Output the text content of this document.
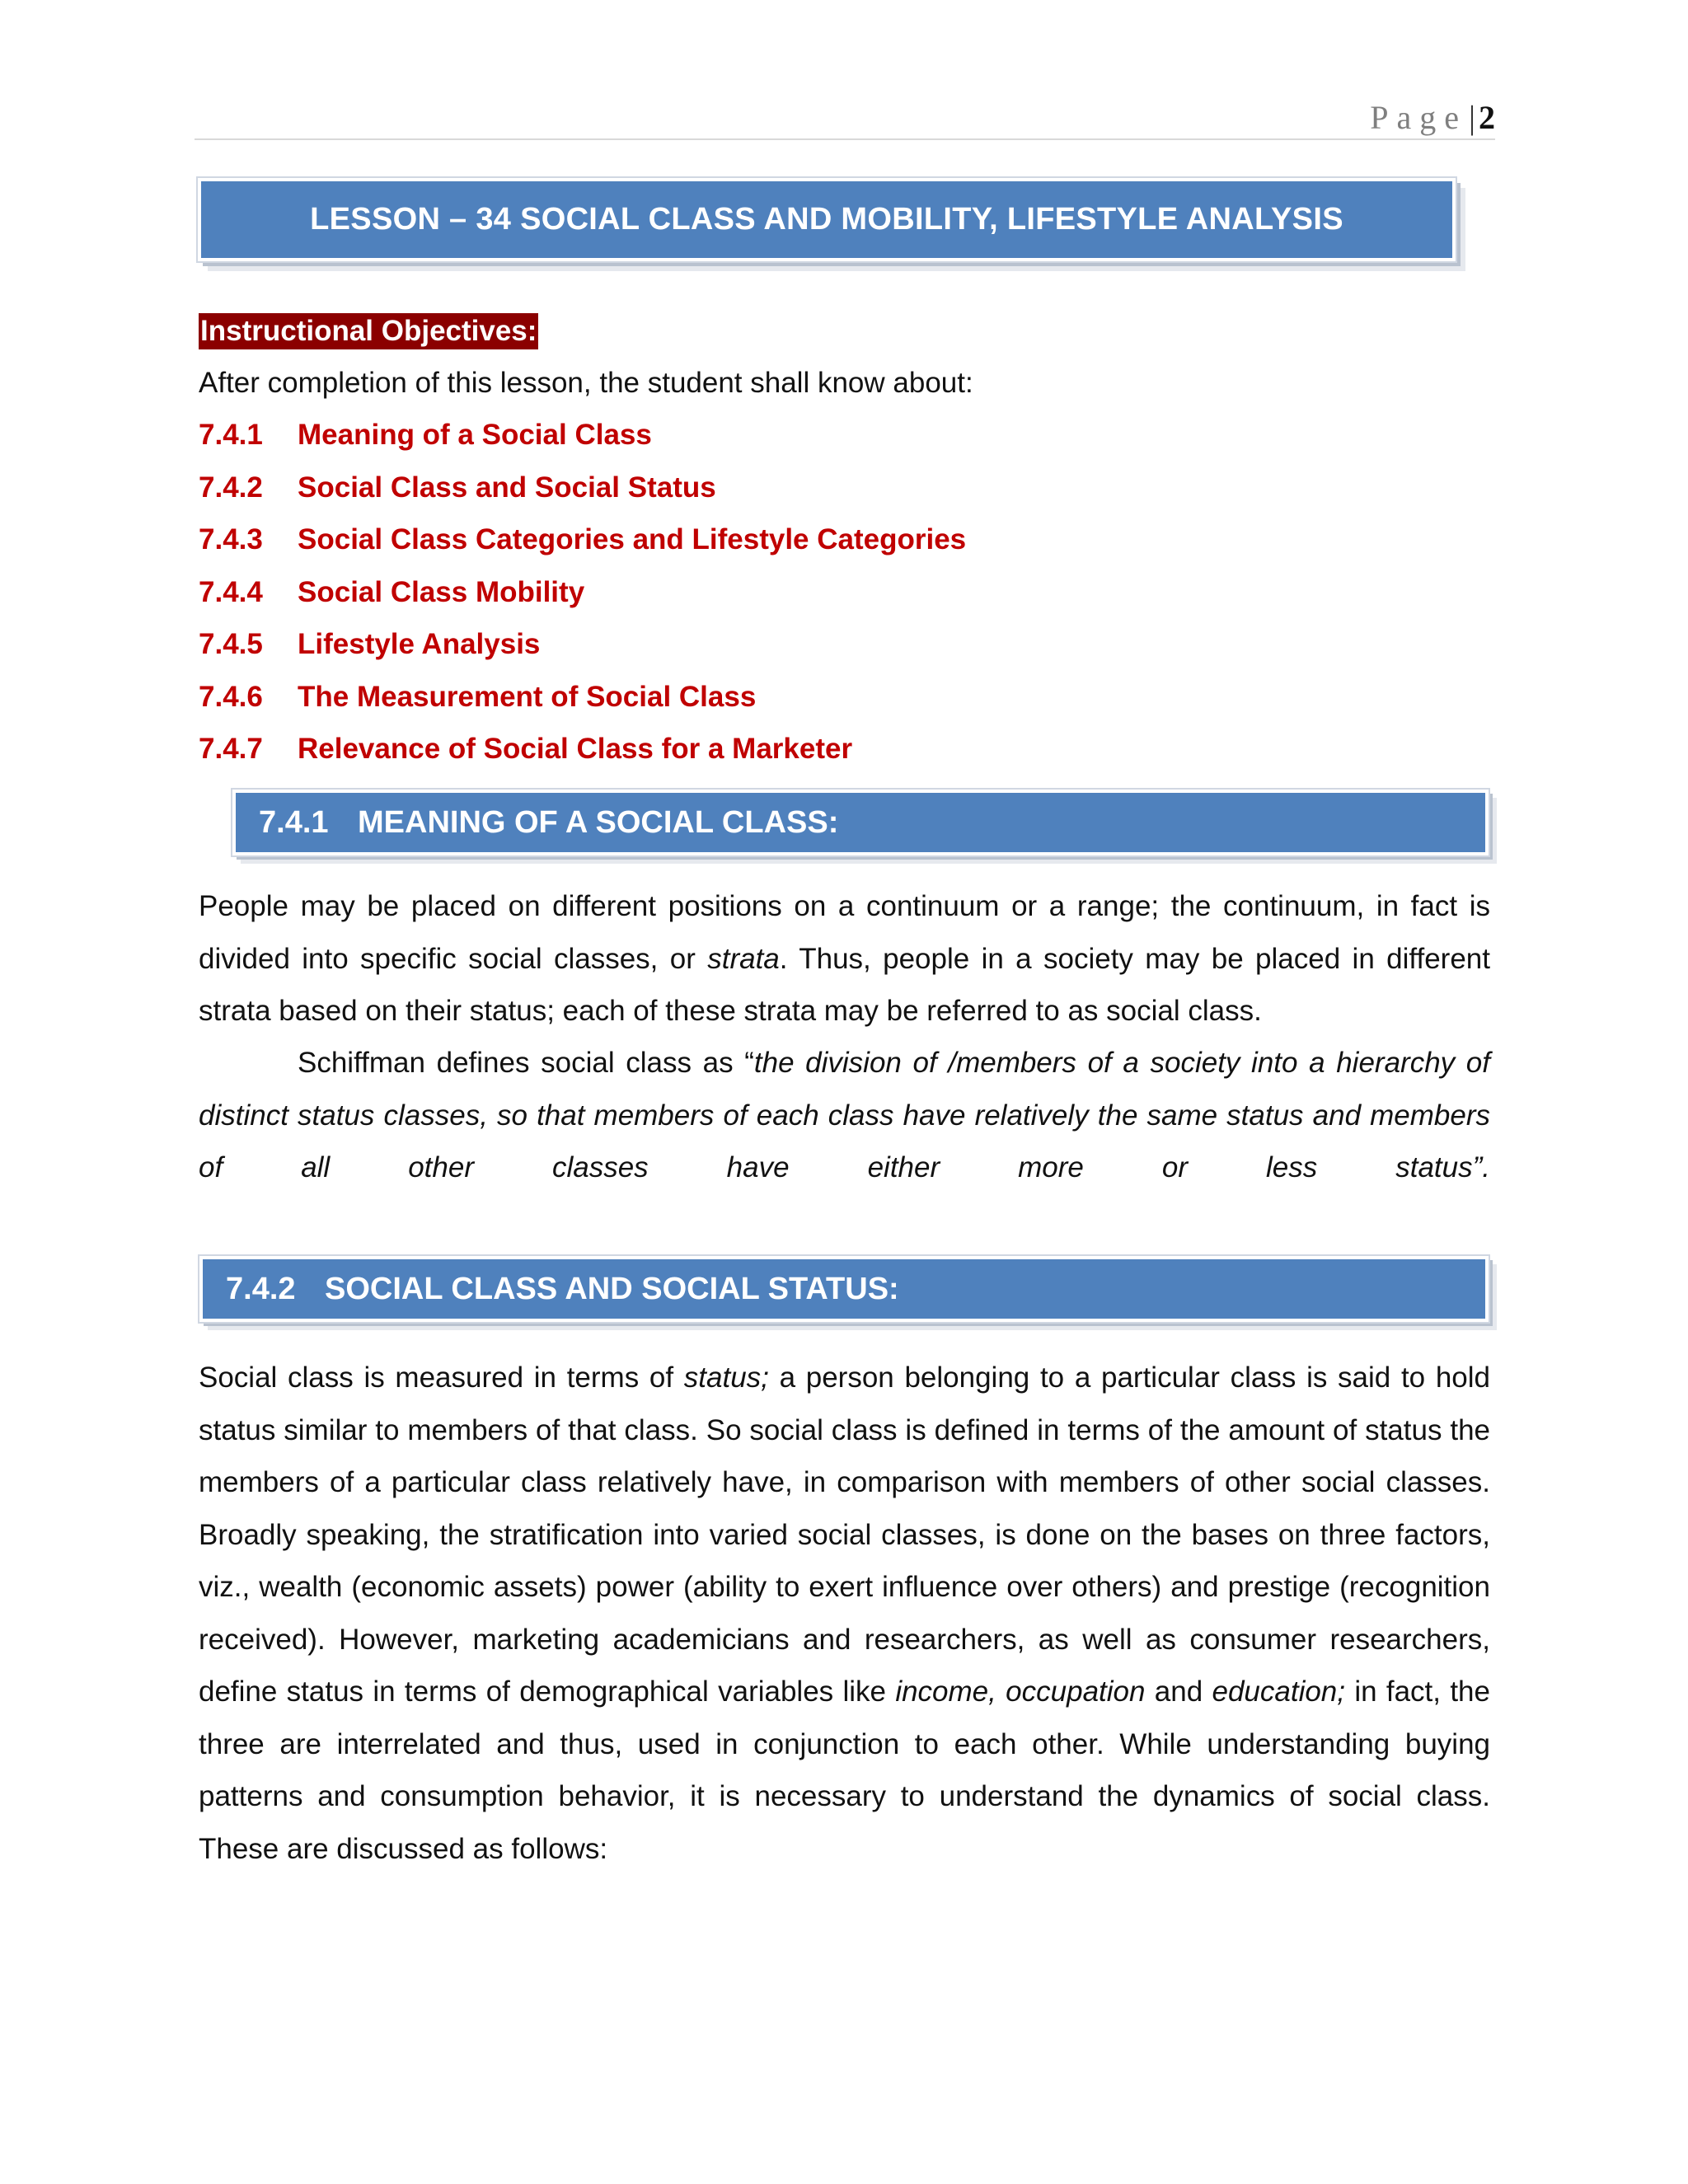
Page| 2
LESSON – 34 SOCIAL CLASS AND MOBILITY, LIFESTYLE ANALYSIS
Instructional Objectives:
After completion of this lesson, the student shall know about:
7.4.1	Meaning of a Social Class
7.4.2	Social Class and Social Status
7.4.3	Social Class Categories and Lifestyle Categories
7.4.4	Social Class Mobility
7.4.5	Lifestyle Analysis
7.4.6	The Measurement of Social Class
7.4.7	Relevance of Social Class for a Marketer
7.4.1 MEANING OF A SOCIAL CLASS:

People may be placed on different positions on a continuum or a range; the continuum, in fact is divided into specific social classes, or strata. Thus, people in a society may be placed in different strata based on their status; each of these strata may be referred to as social class.

Schiffman defines social class as “the division of /members of a society into a hierarchy of distinct status classes, so that members of each class have relatively the same status and members of all other classes have either more or less status”.

7.4.2 SOCIAL CLASS AND SOCIAL STATUS:

Social class is measured in terms of status; a person belonging to a particular class is said to hold status similar to members of that class. So social class is defined in terms of the amount of status the members of a particular class relatively have, in comparison with members of other social classes. Broadly speaking, the stratification into varied social classes, is done on the bases on three factors, viz., wealth (economic assets) power (ability to exert influence over others) and prestige (recognition received). However, marketing academicians and researchers, as well as consumer researchers, define status in terms of demographical variables like income, occupation and education; in fact, the three are interrelated and thus, used in conjunction to each other. While understanding buying patterns and consumption behavior, it is necessary to understand the dynamics of social class. These are discussed as follows:
